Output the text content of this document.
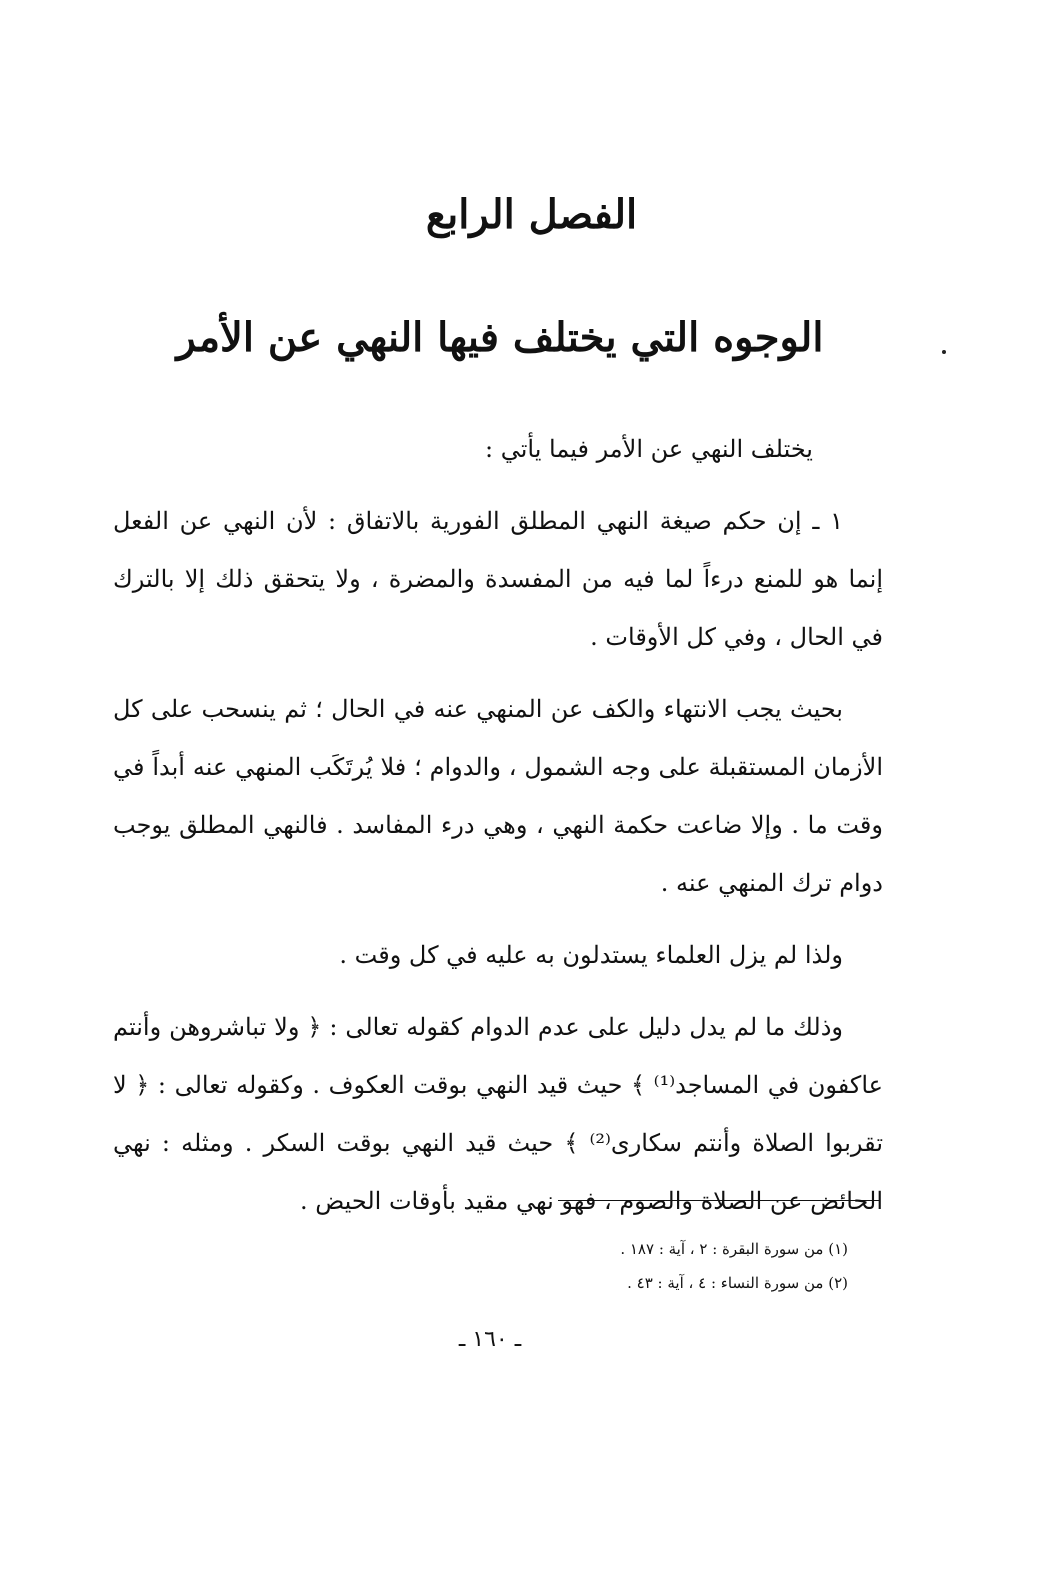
الفصل الرابع
الوجوه التي يختلف فيها النهي عن الأمر

يختلف النهي عن الأمر فيما يأتي :

١ ـ إن حكم صيغة النهي المطلق الفورية بالاتفاق : لأن النهي عن الفعل إنما هو للمنع درءاً لما فيه من المفسدة والمضرة ، ولا يتحقق ذلك إلا بالترك في الحال ، وفي كل الأوقات .

بحيث يجب الانتهاء والكف عن المنهي عنه في الحال ؛ ثم ينسحب على كل الأزمان المستقبلة على وجه الشمول ، والدوام ؛ فلا يُرتَكَب المنهي عنه أبداً في وقت ما . وإلا ضاعت حكمة النهي ، وهي درء المفاسد . فالنهي المطلق يوجب دوام ترك المنهي عنه .

ولذا لم يزل العلماء يستدلون به عليه في كل وقت .

وذلك ما لم يدل دليل على عدم الدوام كقوله تعالى : ﴿ ولا تباشروهن وأنتم عاكفون في المساجد⁽¹⁾ ﴾ حيث قيد النهي بوقت العكوف . وكقوله تعالى : ﴿ لا تقربوا الصلاة وأنتم سكارى⁽²⁾ ﴾ حيث قيد النهي بوقت السكر . ومثله : نهي الحائض عن الصلاة والصوم ، فهو نهي مقيد بأوقات الحيض .

(١) من سورة البقرة : ٢ ، آية : ١٨٧ .
(٢) من سورة النساء : ٤ ، آية : ٤٣ .
ـ ١٦٠ ـ
